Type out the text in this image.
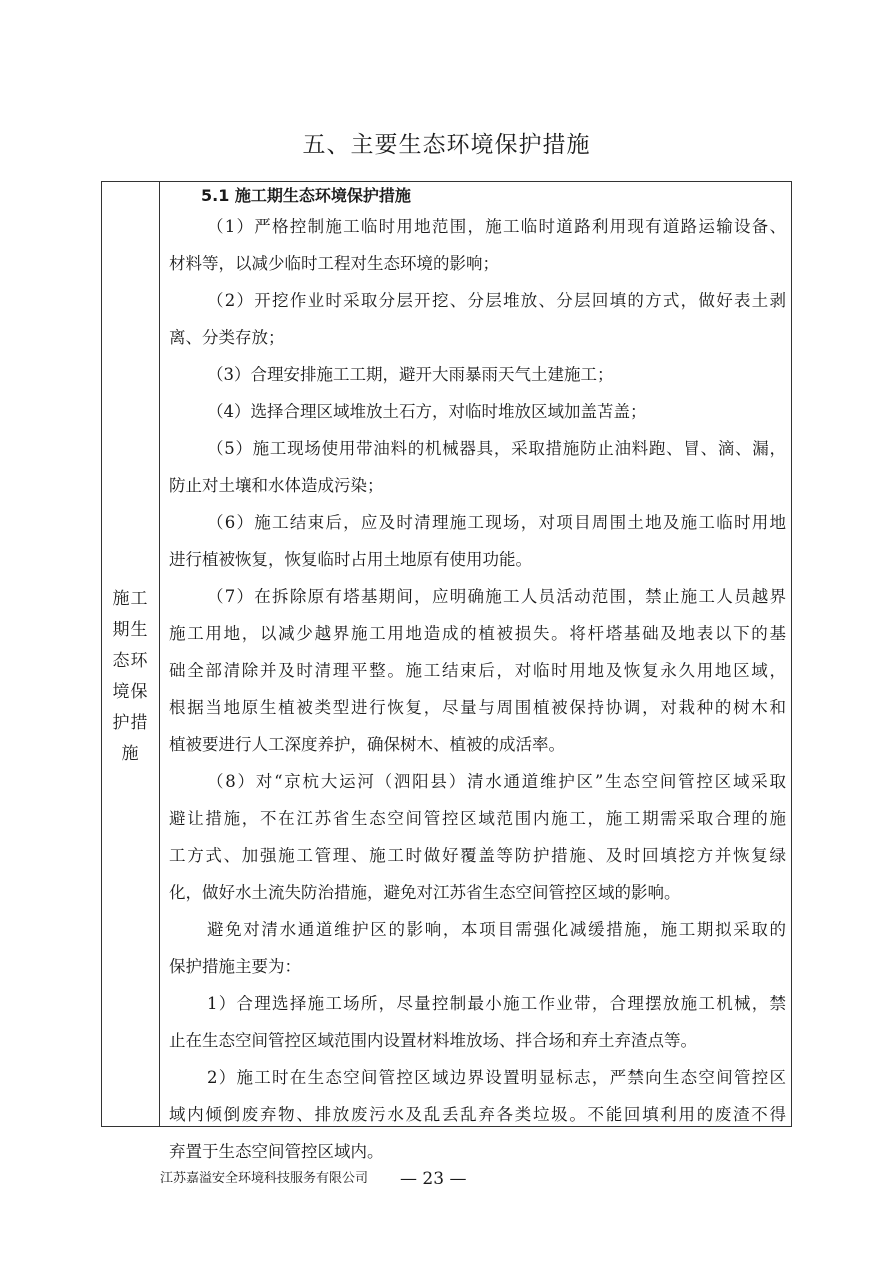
五、主要生态环境保护措施
施工
期生
态环
境保
护措
施
5.1 施工期生态环境保护措施
（1）严格控制施工临时用地范围，施工临时道路利用现有道路运输设备、
材料等，以减少临时工程对生态环境的影响；
（2）开挖作业时采取分层开挖、分层堆放、分层回填的方式，做好表土剥
离、分类存放；
（3）合理安排施工工期，避开大雨暴雨天气土建施工；
（4）选择合理区域堆放土石方，对临时堆放区域加盖苫盖；
（5）施工现场使用带油料的机械器具，采取措施防止油料跑、冒、滴、漏，
防止对土壤和水体造成污染；
（6）施工结束后，应及时清理施工现场，对项目周围土地及施工临时用地
进行植被恢复，恢复临时占用土地原有使用功能。
（7）在拆除原有塔基期间，应明确施工人员活动范围，禁止施工人员越界
施工用地，以减少越界施工用地造成的植被损失。将杆塔基础及地表以下的基
础全部清除并及时清理平整。施工结束后，对临时用地及恢复永久用地区域，
根据当地原生植被类型进行恢复，尽量与周围植被保持协调，对栽种的树木和
植被要进行人工深度养护，确保树木、植被的成活率。
（8）对“京杭大运河（泗阳县）清水通道维护区”生态空间管控区域采取
避让措施，不在江苏省生态空间管控区域范围内施工，施工期需采取合理的施
工方式、加强施工管理、施工时做好覆盖等防护措施、及时回填挖方并恢复绿
化，做好水土流失防治措施，避免对江苏省生态空间管控区域的影响。
避免对清水通道维护区的影响，本项目需强化减缓措施，施工期拟采取的
保护措施主要为：
1）合理选择施工场所，尽量控制最小施工作业带，合理摆放施工机械，禁
止在生态空间管控区域范围内设置材料堆放场、拌合场和弃土弃渣点等。
2）施工时在生态空间管控区域边界设置明显标志，严禁向生态空间管控区
域内倾倒废弃物、排放废污水及乱丢乱弃各类垃圾。不能回填利用的废渣不得
弃置于生态空间管控区域内。
江苏嘉溢安全环境科技服务有限公司 — 23 —
